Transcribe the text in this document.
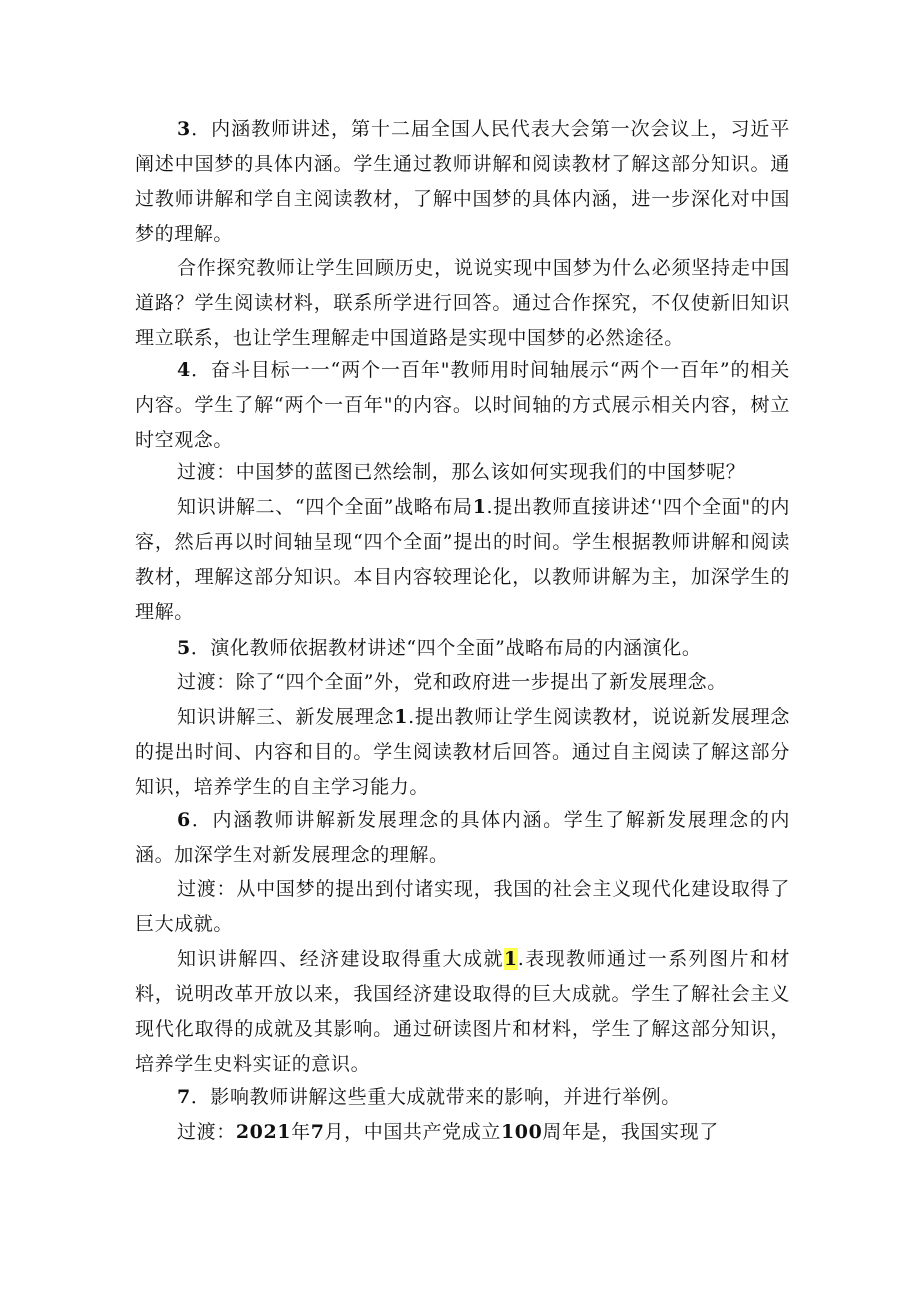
3．内涵教师讲述，第十二届全国人民代表大会第一次会议上，习近平阐述中国梦的具体内涵。学生通过教师讲解和阅读教材了解这部分知识。通过教师讲解和学自主阅读教材，了解中国梦的具体内涵，进一步深化对中国梦的理解。

合作探究教师让学生回顾历史，说说实现中国梦为什么必须坚持走中国道路？学生阅读材料，联系所学进行回答。通过合作探究，不仅使新旧知识理立联系，也让学生理解走中国道路是实现中国梦的必然途径。

4．奋斗目标一一“两个一百年"教师用时间轴展示“两个一百年”的相关内容。学生了解“两个一百年"的内容。以时间轴的方式展示相关内容，树立时空观念。

过渡：中国梦的蓝图已然绘制，那么该如何实现我们的中国梦呢？

知识讲解二、“四个全面”战略布局1.提出教师直接讲述‘'四个全面"的内容，然后再以时间轴呈现“四个全面”提出的时间。学生根据教师讲解和阅读教材，理解这部分知识。本目内容较理论化，以教师讲解为主，加深学生的理解。

5．演化教师依据教材讲述“四个全面”战略布局的内涵演化。

过渡：除了“四个全面”外，党和政府进一步提出了新发展理念。

知识讲解三、新发展理念1.提出教师让学生阅读教材，说说新发展理念的提出时间、内容和目的。学生阅读教材后回答。通过自主阅读了解这部分知识，培养学生的自主学习能力。

6．内涵教师讲解新发展理念的具体内涵。学生了解新发展理念的内涵。加深学生对新发展理念的理解。

过渡：从中国梦的提出到付诸实现，我国的社会主义现代化建设取得了巨大成就。

知识讲解四、经济建设取得重大成就1.表现教师通过一系列图片和材料，说明改革开放以来，我国经济建设取得的巨大成就。学生了解社会主义现代化取得的成就及其影响。通过研读图片和材料，学生了解这部分知识，培养学生史料实证的意识。

7．影响教师讲解这些重大成就带来的影响，并进行举例。

过渡：2021年7月，中国共产党成立100周年是，我国实现了
